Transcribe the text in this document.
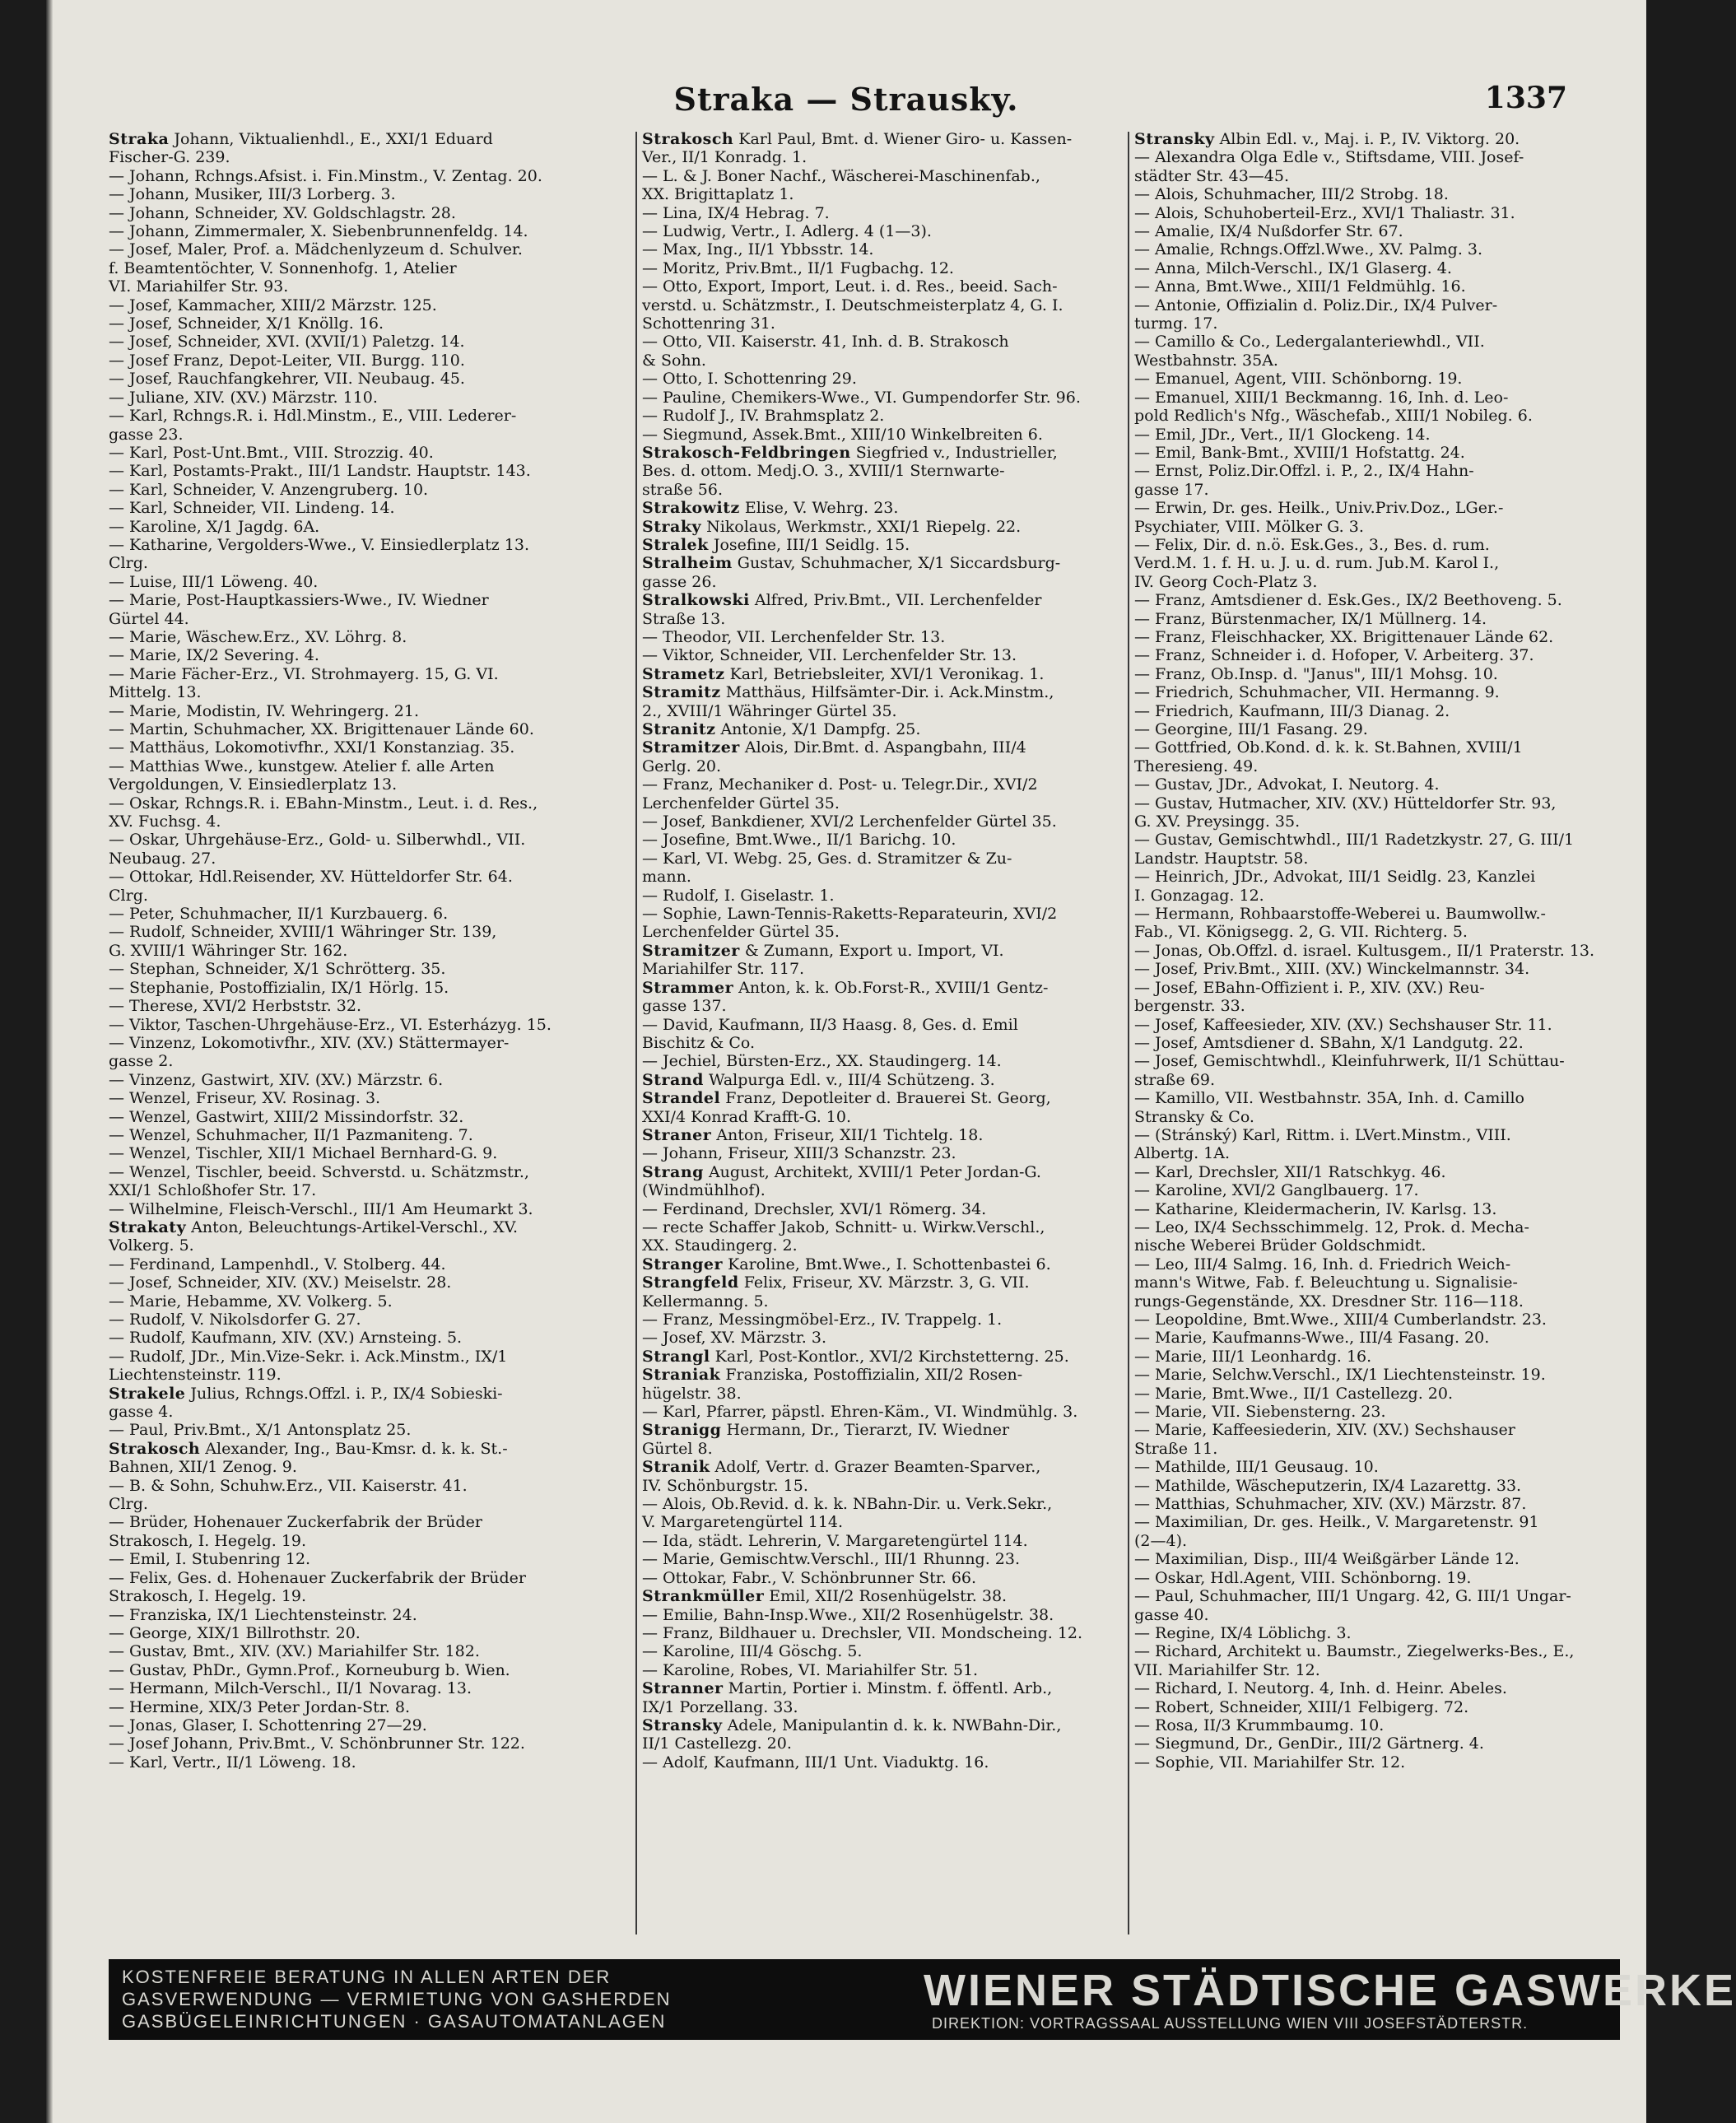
Straka — Strausky.	1337

Straka Johann, Viktualienhdl., E., XXI/1 Eduard

Fischer-G. 239.

— Johann, Rchngs.Afsist. i. Fin.Minstm., V. Zentag. 20.

— Johann, Musiker, III/3 Lorberg. 3.

— Johann, Schneider, XV. Goldschlagstr. 28.

— Johann, Zimmermaler, X. Siebenbrunnenfeldg. 14.

— Josef, Maler, Prof. a. Mädchenlyzeum d. Schulver.

f. Beamtentöchter, V. Sonnenhofg. 1, Atelier

VI. Mariahilfer Str. 93.

— Josef, Kammacher, XIII/2 Märzstr. 125.

— Josef, Schneider, X/1 Knöllg. 16.

— Josef, Schneider, XVI. (XVII/1) Paletzg. 14.

— Josef Franz, Depot-Leiter, VII. Burgg. 110.

— Josef, Rauchfangkehrer, VII. Neubaug. 45.

— Juliane, XIV. (XV.) Märzstr. 110.

— Karl, Rchngs.R. i. Hdl.Minstm., E., VIII. Lederer-

gasse 23.

— Karl, Post-Unt.Bmt., VIII. Strozzig. 40.

— Karl, Postamts-Prakt., III/1 Landstr. Hauptstr. 143.

— Karl, Schneider, V. Anzengruberg. 10.

— Karl, Schneider, VII. Lindeng. 14.

— Karoline, X/1 Jagdg. 6A.

— Katharine, Vergolders-Wwe., V. Einsiedlerplatz 13.

Clrg.

— Luise, III/1 Löweng. 40.

— Marie, Post-Hauptkassiers-Wwe., IV. Wiedner

Gürtel 44.

— Marie, Wäschew.Erz., XV. Löhrg. 8.

— Marie, IX/2 Severing. 4.

— Marie Fächer-Erz., VI. Strohmayerg. 15, G. VI.

Mittelg. 13.

— Marie, Modistin, IV. Wehringerg. 21.

— Martin, Schuhmacher, XX. Brigittenauer Lände 60.

— Matthäus, Lokomotivfhr., XXI/1 Konstanziag. 35.

— Matthias Wwe., kunstgew. Atelier f. alle Arten

Vergoldungen, V. Einsiedlerplatz 13.

— Oskar, Rchngs.R. i. EBahn-Minstm., Leut. i. d. Res.,

XV. Fuchsg. 4.

— Oskar, Uhrgehäuse-Erz., Gold- u. Silberwhdl., VII.

Neubaug. 27.

— Ottokar, Hdl.Reisender, XV. Hütteldorfer Str. 64.

Clrg.

— Peter, Schuhmacher, II/1 Kurzbauerg. 6.

— Rudolf, Schneider, XVIII/1 Währinger Str. 139,

G. XVIII/1 Währinger Str. 162.

— Stephan, Schneider, X/1 Schrötterg. 35.

— Stephanie, Postoffizialin, IX/1 Hörlg. 15.

— Therese, XVI/2 Herbststr. 32.

— Viktor, Taschen-Uhrgehäuse-Erz., VI. Esterházyg. 15.

— Vinzenz, Lokomotivfhr., XIV. (XV.) Stättermayer-

gasse 2.

— Vinzenz, Gastwirt, XIV. (XV.) Märzstr. 6.

— Wenzel, Friseur, XV. Rosinag. 3.

— Wenzel, Gastwirt, XIII/2 Missindorfstr. 32.

— Wenzel, Schuhmacher, II/1 Pazmaniteng. 7.

— Wenzel, Tischler, XII/1 Michael Bernhard-G. 9.

— Wenzel, Tischler, beeid. Schverstd. u. Schätzmstr.,

XXI/1 Schloßhofer Str. 17.

— Wilhelmine, Fleisch-Verschl., III/1 Am Heumarkt 3.

Strakaty Anton, Beleuchtungs-Artikel-Verschl., XV.

Volkerg. 5.

— Ferdinand, Lampenhdl., V. Stolberg. 44.

— Josef, Schneider, XIV. (XV.) Meiselstr. 28.

— Marie, Hebamme, XV. Volkerg. 5.

— Rudolf, V. Nikolsdorfer G. 27.

— Rudolf, Kaufmann, XIV. (XV.) Arnsteing. 5.

— Rudolf, JDr., Min.Vize-Sekr. i. Ack.Minstm., IX/1

Liechtensteinstr. 119.

Strakele Julius, Rchngs.Offzl. i. P., IX/4 Sobieski-

gasse 4.

— Paul, Priv.Bmt., X/1 Antonsplatz 25.

Strakosch Alexander, Ing., Bau-Kmsr. d. k. k. St.-

Bahnen, XII/1 Zenog. 9.

— B. & Sohn, Schuhw.Erz., VII. Kaiserstr. 41.

Clrg.

— Brüder, Hohenauer Zuckerfabrik der Brüder

Strakosch, I. Hegelg. 19.

— Emil, I. Stubenring 12.

— Felix, Ges. d. Hohenauer Zuckerfabrik der Brüder

Strakosch, I. Hegelg. 19.

— Franziska, IX/1 Liechtensteinstr. 24.

— George, XIX/1 Billrothstr. 20.

— Gustav, Bmt., XIV. (XV.) Mariahilfer Str. 182.

— Gustav, PhDr., Gymn.Prof., Korneuburg b. Wien.

— Hermann, Milch-Verschl., II/1 Novarag. 13.

— Hermine, XIX/3 Peter Jordan-Str. 8.

— Jonas, Glaser, I. Schottenring 27—29.

— Josef Johann, Priv.Bmt., V. Schönbrunner Str. 122.

— Karl, Vertr., II/1 Löweng. 18.

Strakosch Karl Paul, Bmt. d. Wiener Giro- u. Kassen-

Ver., II/1 Konradg. 1.

— L. & J. Boner Nachf., Wäscherei-Maschinenfab.,

XX. Brigittaplatz 1.

— Lina, IX/4 Hebrag. 7.

— Ludwig, Vertr., I. Adlerg. 4 (1—3).

— Max, Ing., II/1 Ybbsstr. 14.

— Moritz, Priv.Bmt., II/1 Fugbachg. 12.

— Otto, Export, Import, Leut. i. d. Res., beeid. Sach-

verstd. u. Schätzmstr., I. Deutschmeisterplatz 4, G. I.

Schottenring 31.

— Otto, VII. Kaiserstr. 41, Inh. d. B. Strakosch

& Sohn.

— Otto, I. Schottenring 29.

— Pauline, Chemikers-Wwe., VI. Gumpendorfer Str. 96.

— Rudolf J., IV. Brahmsplatz 2.

— Siegmund, Assek.Bmt., XIII/10 Winkelbreiten 6.

Strakosch-Feldbringen Siegfried v., Industrieller,

Bes. d. ottom. Medj.O. 3., XVIII/1 Sternwarte-

straße 56.

Strakowitz Elise, V. Wehrg. 23.

Straky Nikolaus, Werkmstr., XXI/1 Riepelg. 22.

Stralek Josefine, III/1 Seidlg. 15.

Stralheim Gustav, Schuhmacher, X/1 Siccardsburg-

gasse 26.

Stralkowski Alfred, Priv.Bmt., VII. Lerchenfelder

Straße 13.

— Theodor, VII. Lerchenfelder Str. 13.

— Viktor, Schneider, VII. Lerchenfelder Str. 13.

Strametz Karl, Betriebsleiter, XVI/1 Veronikag. 1.

Stramitz Matthäus, Hilfsämter-Dir. i. Ack.Minstm.,

2., XVIII/1 Währinger Gürtel 35.

Stranitz Antonie, X/1 Dampfg. 25.

Stramitzer Alois, Dir.Bmt. d. Aspangbahn, III/4

Gerlg. 20.

— Franz, Mechaniker d. Post- u. Telegr.Dir., XVI/2

Lerchenfelder Gürtel 35.

— Josef, Bankdiener, XVI/2 Lerchenfelder Gürtel 35.

— Josefine, Bmt.Wwe., II/1 Barichg. 10.

— Karl, VI. Webg. 25, Ges. d. Stramitzer & Zu-

mann.

— Rudolf, I. Giselastr. 1.

— Sophie, Lawn-Tennis-Raketts-Reparateurin, XVI/2

Lerchenfelder Gürtel 35.

Stramitzer & Zumann, Export u. Import, VI.

Mariahilfer Str. 117.

Strammer Anton, k. k. Ob.Forst-R., XVIII/1 Gentz-

gasse 137.

— David, Kaufmann, II/3 Haasg. 8, Ges. d. Emil

Bischitz & Co.

— Jechiel, Bürsten-Erz., XX. Staudingerg. 14.

Strand Walpurga Edl. v., III/4 Schützeng. 3.

Strandel Franz, Depotleiter d. Brauerei St. Georg,

XXI/4 Konrad Krafft-G. 10.

Straner Anton, Friseur, XII/1 Tichtelg. 18.

— Johann, Friseur, XIII/3 Schanzstr. 23.

Strang August, Architekt, XVIII/1 Peter Jordan-G.

(Windmühlhof).

— Ferdinand, Drechsler, XVI/1 Römerg. 34.

— recte Schaffer Jakob, Schnitt- u. Wirkw.Verschl.,

XX. Staudingerg. 2.

Stranger Karoline, Bmt.Wwe., I. Schottenbastei 6.

Strangfeld Felix, Friseur, XV. Märzstr. 3, G. VII.

Kellermanng. 5.

— Franz, Messingmöbel-Erz., IV. Trappelg. 1.

— Josef, XV. Märzstr. 3.

Strangl Karl, Post-Kontlor., XVI/2 Kirchstetterng. 25.

Straniak Franziska, Postoffizialin, XII/2 Rosen-

hügelstr. 38.

— Karl, Pfarrer, päpstl. Ehren-Käm., VI. Windmühlg. 3.

Stranigg Hermann, Dr., Tierarzt, IV. Wiedner

Gürtel 8.

Stranik Adolf, Vertr. d. Grazer Beamten-Sparver.,

IV. Schönburgstr. 15.

— Alois, Ob.Revid. d. k. k. NBahn-Dir. u. Verk.Sekr.,

V. Margaretengürtel 114.

— Ida, städt. Lehrerin, V. Margaretengürtel 114.

— Marie, Gemischtw.Verschl., III/1 Rhunng. 23.

— Ottokar, Fabr., V. Schönbrunner Str. 66.

Strankmüller Emil, XII/2 Rosenhügelstr. 38.

— Emilie, Bahn-Insp.Wwe., XII/2 Rosenhügelstr. 38.

— Franz, Bildhauer u. Drechsler, VII. Mondscheing. 12.

— Karoline, III/4 Göschg. 5.

— Karoline, Robes, VI. Mariahilfer Str. 51.

Stranner Martin, Portier i. Minstm. f. öffentl. Arb.,

IX/1 Porzellang. 33.

Stransky Adele, Manipulantin d. k. k. NWBahn-Dir.,

II/1 Castellezg. 20.

— Adolf, Kaufmann, III/1 Unt. Viaduktg. 16.

Stransky Albin Edl. v., Maj. i. P., IV. Viktorg. 20.

— Alexandra Olga Edle v., Stiftsdame, VIII. Josef-

städter Str. 43—45.

— Alois, Schuhmacher, III/2 Strobg. 18.

— Alois, Schuhoberteil-Erz., XVI/1 Thaliastr. 31.

— Amalie, IX/4 Nußdorfer Str. 67.

— Amalie, Rchngs.Offzl.Wwe., XV. Palmg. 3.

— Anna, Milch-Verschl., IX/1 Glaserg. 4.

— Anna, Bmt.Wwe., XIII/1 Feldmühlg. 16.

— Antonie, Offizialin d. Poliz.Dir., IX/4 Pulver-

turmg. 17.

— Camillo & Co., Ledergalanteriewhdl., VII.

Westbahnstr. 35A.

— Emanuel, Agent, VIII. Schönborng. 19.

— Emanuel, XIII/1 Beckmanng. 16, Inh. d. Leo-

pold Redlich's Nfg., Wäschefab., XIII/1 Nobileg. 6.

— Emil, JDr., Vert., II/1 Glockeng. 14.

— Emil, Bank-Bmt., XVIII/1 Hofstattg. 24.

— Ernst, Poliz.Dir.Offzl. i. P., 2., IX/4 Hahn-

gasse 17.

— Erwin, Dr. ges. Heilk., Univ.Priv.Doz., LGer.-

Psychiater, VIII. Mölker G. 3.

— Felix, Dir. d. n.ö. Esk.Ges., 3., Bes. d. rum.

Verd.M. 1. f. H. u. J. u. d. rum. Jub.M. Karol I.,

IV. Georg Coch-Platz 3.

— Franz, Amtsdiener d. Esk.Ges., IX/2 Beethoveng. 5.

— Franz, Bürstenmacher, IX/1 Müllnerg. 14.

— Franz, Fleischhacker, XX. Brigittenauer Lände 62.

— Franz, Schneider i. d. Hofoper, V. Arbeiterg. 37.

— Franz, Ob.Insp. d. "Janus", III/1 Mohsg. 10.

— Friedrich, Schuhmacher, VII. Hermanng. 9.

— Friedrich, Kaufmann, III/3 Dianag. 2.

— Georgine, III/1 Fasang. 29.

— Gottfried, Ob.Kond. d. k. k. St.Bahnen, XVIII/1

Theresieng. 49.

— Gustav, JDr., Advokat, I. Neutorg. 4.

— Gustav, Hutmacher, XIV. (XV.) Hütteldorfer Str. 93,

G. XV. Preysingg. 35.

— Gustav, Gemischtwhdl., III/1 Radetzkystr. 27, G. III/1

Landstr. Hauptstr. 58.

— Heinrich, JDr., Advokat, III/1 Seidlg. 23, Kanzlei

I. Gonzagag. 12.

— Hermann, Rohbaarstoffe-Weberei u. Baumwollw.-

Fab., VI. Königsegg. 2, G. VII. Richterg. 5.

— Jonas, Ob.Offzl. d. israel. Kultusgem., II/1 Praterstr. 13.

— Josef, Priv.Bmt., XIII. (XV.) Winckelmannstr. 34.

— Josef, EBahn-Offizient i. P., XIV. (XV.) Reu-

bergenstr. 33.

— Josef, Kaffeesieder, XIV. (XV.) Sechshauser Str. 11.

— Josef, Amtsdiener d. SBahn, X/1 Landgutg. 22.

— Josef, Gemischtwhdl., Kleinfuhrwerk, II/1 Schüttau-

straße 69.

— Kamillo, VII. Westbahnstr. 35A, Inh. d. Camillo

Stransky & Co.

— (Stránský) Karl, Rittm. i. LVert.Minstm., VIII.

Albertg. 1A.

— Karl, Drechsler, XII/1 Ratschkyg. 46.

— Karoline, XVI/2 Ganglbauerg. 17.

— Katharine, Kleidermacherin, IV. Karlsg. 13.

— Leo, IX/4 Sechsschimmelg. 12, Prok. d. Mecha-

nische Weberei Brüder Goldschmidt.

— Leo, III/4 Salmg. 16, Inh. d. Friedrich Weich-

mann's Witwe, Fab. f. Beleuchtung u. Signalisie-

rungs-Gegenstände, XX. Dresdner Str. 116—118.

— Leopoldine, Bmt.Wwe., XIII/4 Cumberlandstr. 23.

— Marie, Kaufmanns-Wwe., III/4 Fasang. 20.

— Marie, III/1 Leonhardg. 16.

— Marie, Selchw.Verschl., IX/1 Liechtensteinstr. 19.

— Marie, Bmt.Wwe., II/1 Castellezg. 20.

— Marie, VII. Siebensterng. 23.

— Marie, Kaffeesiederin, XIV. (XV.) Sechshauser

Straße 11.

— Mathilde, III/1 Geusaug. 10.

— Mathilde, Wäscheputzerin, IX/4 Lazarettg. 33.

— Matthias, Schuhmacher, XIV. (XV.) Märzstr. 87.

— Maximilian, Dr. ges. Heilk., V. Margaretenstr. 91

(2—4).

— Maximilian, Disp., III/4 Weißgärber Lände 12.

— Oskar, Hdl.Agent, VIII. Schönborng. 19.

— Paul, Schuhmacher, III/1 Ungarg. 42, G. III/1 Ungar-

gasse 40.

— Regine, IX/4 Löblichg. 3.

— Richard, Architekt u. Baumstr., Ziegelwerks-Bes., E.,

VII. Mariahilfer Str. 12.

— Richard, I. Neutorg. 4, Inh. d. Heinr. Abeles.

— Robert, Schneider, XIII/1 Felbigerg. 72.

— Rosa, II/3 Krummbaumg. 10.

— Siegmund, Dr., GenDir., III/2 Gärtnerg. 4.

— Sophie, VII. Mariahilfer Str. 12.

KOSTENFREIE BERATUNG IN ALLEN ARTEN DER
GASVERWENDUNG — VERMIETUNG VON GASHERDEN
GASBÜGELEINRICHTUNGEN · GASAUTOMATANLAGEN
WIENER STÄDTISCHE GASWERKE
DIREKTION: VORTRAGSSAAL AUSSTELLUNG WIEN VIII JOSEFSTÄDTERSTR.
